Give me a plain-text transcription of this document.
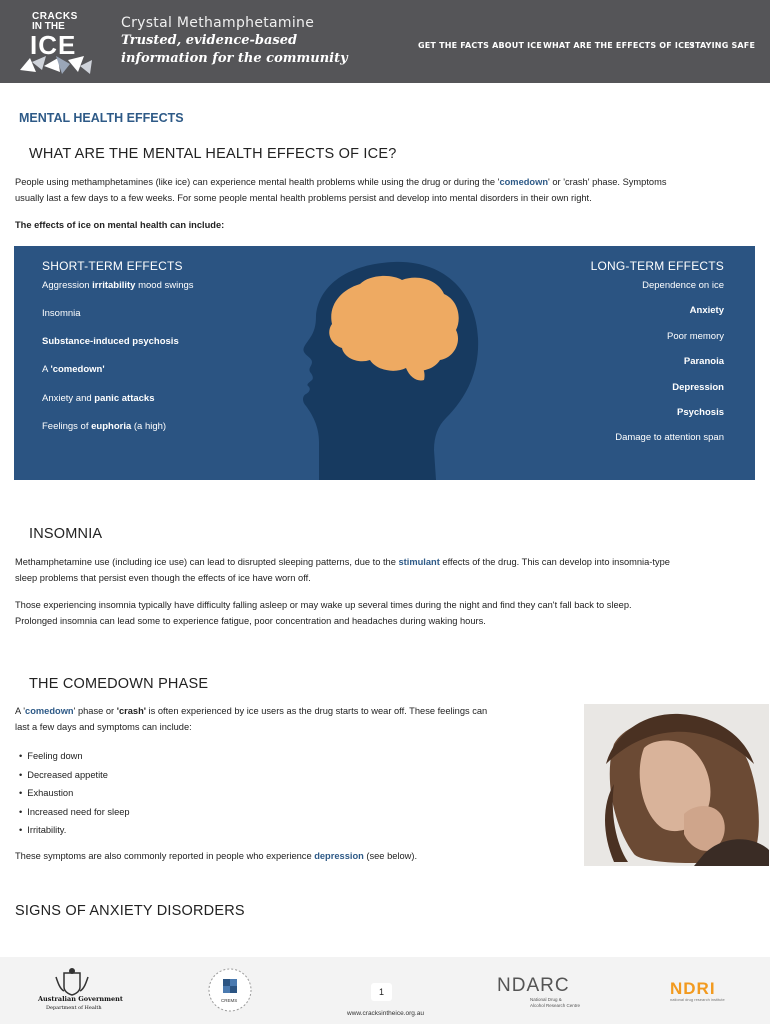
CRACKS
IN THE
ICE
Crystal Methamphetamine
Trusted, evidence-based
information for the community
GET THE FACTS ABOUT ICE WHAT ARE THE EFFECTS OF ICE?
STAYING SAFE
MENTAL HEALTH EFFECTS
WHAT ARE THE MENTAL HEALTH EFFECTS OF ICE?
People using methamphetamines (like ice) can experience mental health problems while using the drug or during the 'comedown' or 'crash' phase. Symptoms
usually last a few days to a few weeks. For some people mental health problems persist and develop into mental disorders in their own right.
The effects of ice on mental health can include:
SHORT-TERM EFFECTS	LONG-TERM EFFECTS
Aggression irritability mood swings
Insomnia
Substance-induced psychosis
A 'comedown'
Anxiety and panic attacks
Feelings of euphoria (a high)
Dependence on ice
Anxiety
Poor memory
Paranoia
Depression
Psychosis
Damage to attention span
INSOMNIA
Methamphetamine use (including ice use) can lead to disrupted sleeping patterns, due to the stimulant effects of the drug. This can develop into insomnia-type
sleep problems that persist even though the effects of ice have worn off.
Those experiencing insomnia typically have difficulty falling asleep or may wake up several times during the night and find they can't fall back to sleep.
Prolonged insomnia can lead some to experience fatigue, poor concentration and headaches during waking hours.
THE COMEDOWN PHASE
A 'comedown' phase or 'crash' is often experienced by ice users as the drug starts to wear off. These feelings can
last a few days and symptoms can include:
• Feeling down
• Decreased appetite
• Exhaustion
• Increased need for sleep
• Irritability.
These symptoms are also commonly reported in people who experience depression (see below).
SIGNS OF ANXIETY DISORDERS
Australian Government
Department of Health
CREMS
NDARC
National Drug &
Alcohol Research Centre
NDRI
national drug research institute
1
www.cracksintheice.org.au
